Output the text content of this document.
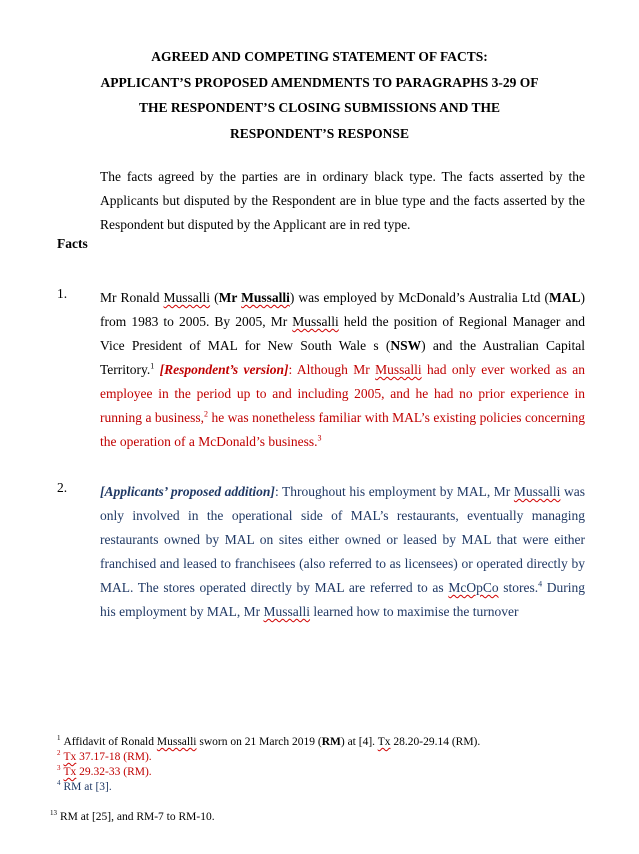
AGREED AND COMPETING STATEMENT OF FACTS:
APPLICANT’S PROPOSED AMENDMENTS TO PARAGRAPHS 3-29 OF
THE RESPONDENT’S CLOSING SUBMISSIONS AND THE
RESPONDENT’S RESPONSE
The facts agreed by the parties are in ordinary black type. The facts asserted by the Applicants but disputed by the Respondent are in blue type and the facts asserted by the Respondent but disputed by the Applicant are in red type.
Facts
1. Mr Ronald Mussalli (Mr Mussalli) was employed by McDonald’s Australia Ltd (MAL) from 1983 to 2005. By 2005, Mr Mussalli held the position of Regional Manager and Vice President of MAL for New South Wale s (NSW) and the Australian Capital Territory.$^1$ [Respondent’s version]: Although Mr Mussalli had only ever worked as an employee in the period up to and including 2005, and he had no prior experience in running a business,$^2$ he was nonetheless familiar with MAL’s existing policies concerning the operation of a McDonald’s business.$^3$
2. [Applicants’ proposed addition]: Throughout his employment by MAL, Mr Mussalli was only involved in the operational side of MAL’s restaurants, eventually managing restaurants owned by MAL on sites either owned or leased by MAL that were either franchised and leased to franchisees (also referred to as licensees) or operated directly by MAL. The stores operated directly by MAL are referred to as McOpCo stores.$^4$ During his employment by MAL, Mr Mussalli learned how to maximise the turnover
$^1$ Affidavit of Ronald Mussalli sworn on 21 March 2019 (RM) at [4]. Tx 28.20-29.14 (RM).
$^2$ Tx 37.17-18 (RM).
$^3$ Tx 29.32-33 (RM).
$^4$ RM at [3].
$^{13}$ RM at [25], and RM-7 to RM-10.
